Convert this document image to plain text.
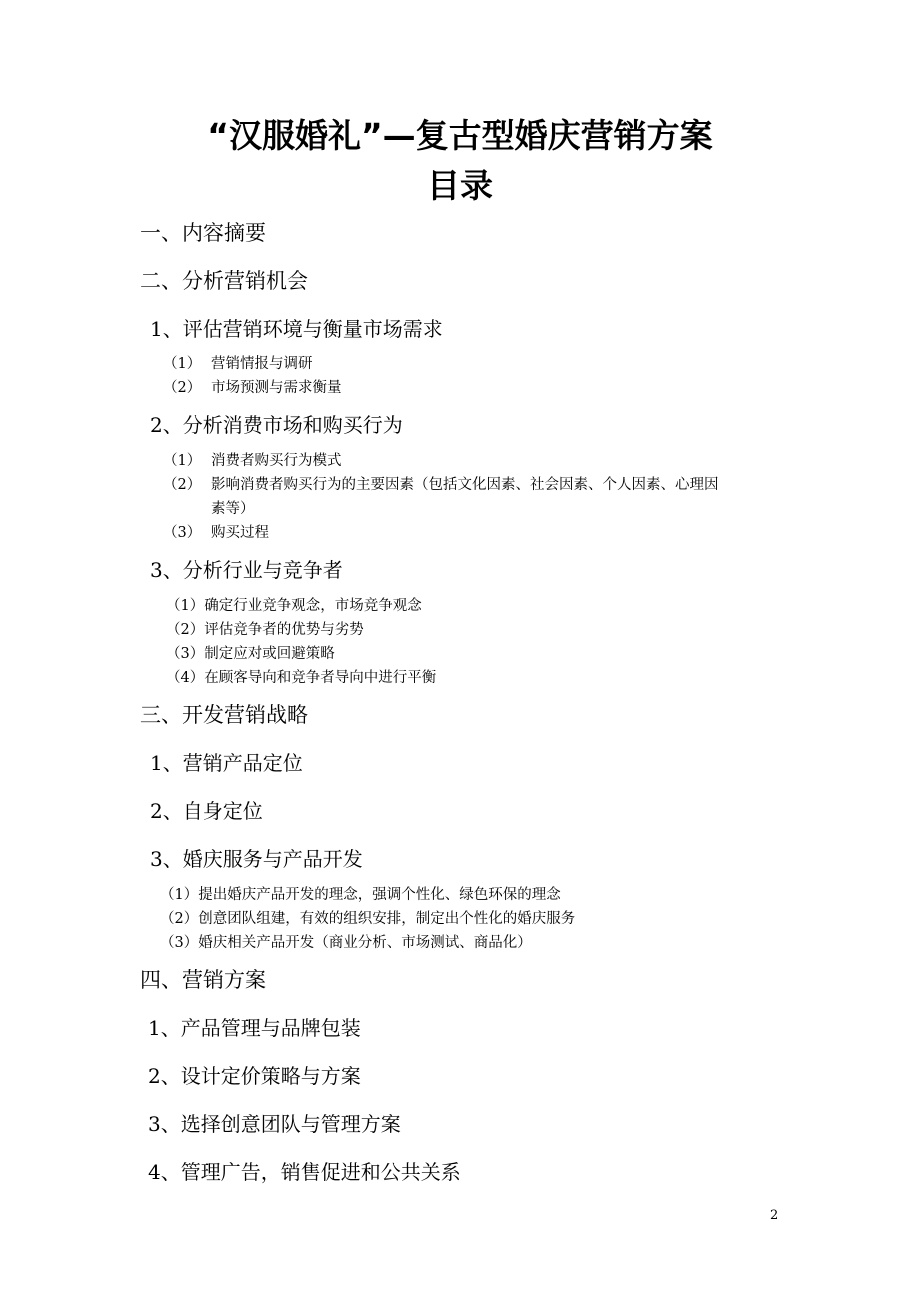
“汉服婚礼”—复古型婚庆营销方案
目录
一、内容摘要
二、分析营销机会
1、评估营销环境与衡量市场需求
（1） 营销情报与调研
（2） 市场预测与需求衡量
2、分析消费市场和购买行为
（1） 消费者购买行为模式
（2） 影响消费者购买行为的主要因素（包括文化因素、社会因素、个人因素、心理因
素等）
（3） 购买过程
3、分析行业与竞争者
（1）确定行业竞争观念，市场竞争观念
（2）评估竞争者的优势与劣势
（3）制定应对或回避策略
（4）在顾客导向和竞争者导向中进行平衡
三、开发营销战略
1、营销产品定位
2、自身定位
3、婚庆服务与产品开发
（1）提出婚庆产品开发的理念，强调个性化、绿色环保的理念
（2）创意团队组建，有效的组织安排，制定出个性化的婚庆服务
（3）婚庆相关产品开发（商业分析、市场测试、商品化）
四、营销方案
1、产品管理与品牌包装
2、设计定价策略与方案
3、选择创意团队与管理方案
4、管理广告，销售促进和公共关系
2
